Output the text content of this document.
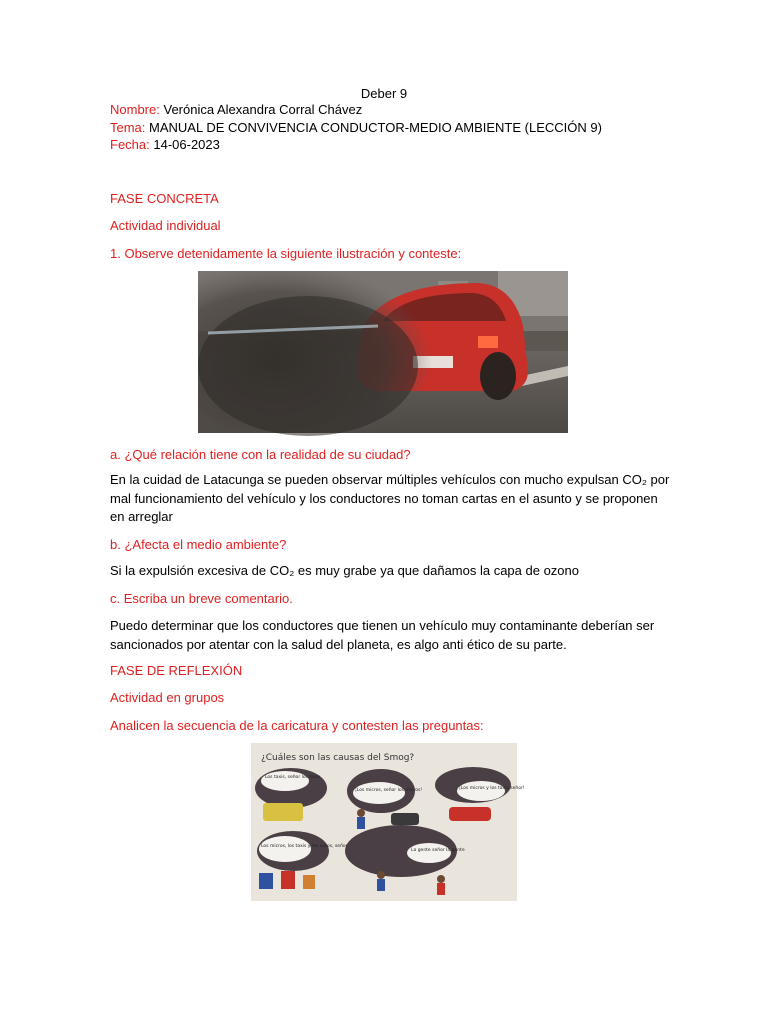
Deber 9
Nombre: Verónica Alexandra Corral Chávez
Tema: MANUAL DE CONVIVENCIA CONDUCTOR-MEDIO AMBIENTE (LECCIÓN 9)
Fecha: 14-06-2023
FASE CONCRETA
Actividad individual
1. Observe detenidamente la siguiente ilustración y conteste:
a. ¿Qué relación tiene con la realidad de su ciudad?
En la cuidad de Latacunga se pueden observar múltiples vehículos con mucho expulsan CO₂ por mal funcionamiento del vehículo y los conductores no toman cartas en el asunto y se proponen en arreglar
b. ¿Afecta el medio ambiente?
Si la expulsión excesiva de CO₂ es muy grabe ya que dañamos la capa de ozono
c. Escriba un breve comentario.
Puedo determinar que los conductores que tienen un vehículo muy contaminante deberían ser sancionados por atentar con la salud del planeta, es algo anti ético de su parte.
FASE DE REFLEXIÓN
Actividad en grupos
Analicen la secuencia de la caricatura y contesten las preguntas:
¿Cuáles son las causas del Smog?
Los taxis, señor los taxis
¡Los micros, señor los micros!	¡Los micros y los taxis señor!
Los micros, los taxis y los autos, señor
La gente señor la gente
